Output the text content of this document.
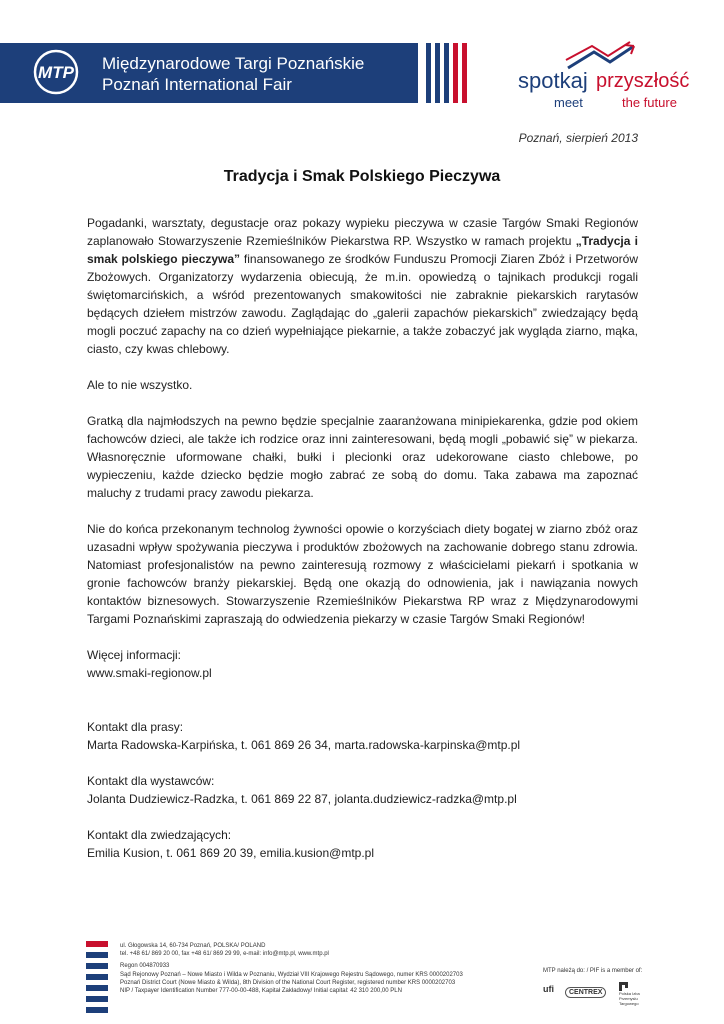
MTP Międzynarodowe Targi Poznańskie
Poznań International Fair	spotkaj przyszłość
meet	the future
Poznań, sierpień 2013
Tradycja i Smak Polskiego Pieczywa

Pogadanki, warsztaty, degustacje oraz pokazy wypieku pieczywa w czasie Targów Smaki Regionów zaplanowało Stowarzyszenie Rzemieślników Piekarstwa RP. Wszystko w ramach projektu „Tradycja i smak polskiego pieczywa” finansowanego ze środków Funduszu Promocji Ziaren Zbóż i Przetworów Zbożowych. Organizatorzy wydarzenia obiecują, że m.in. opowiedzą o tajnikach produkcji rogali świętomarcińskich, a wśród prezentowanych smakowitości nie zabraknie piekarskich rarytasów będących dziełem mistrzów zawodu. Zaglądając do „galerii zapachów piekarskich” zwiedzający będą mogli poczuć zapachy na co dzień wypełniające piekarnie, a także zobaczyć jak wygląda ziarno, mąka, ciasto, czy kwas chlebowy.

Ale to nie wszystko.

Gratką dla najmłodszych na pewno będzie specjalnie zaaranżowana minipiekarenka, gdzie pod okiem fachowców dzieci, ale także ich rodzice oraz inni zainteresowani, będą mogli „pobawić się” w piekarza. Własnoręcznie uformowane chałki, bułki i plecionki oraz udekorowane ciasto chlebowe, po wypieczeniu, każde dziecko będzie mogło zabrać ze sobą do domu. Taka zabawa ma zapoznać maluchy z trudami pracy zawodu piekarza.

Nie do końca przekonanym technolog żywności opowie o korzyściach diety bogatej w ziarno zbóż oraz uzasadni wpływ spożywania pieczywa i produktów zbożowych na zachowanie dobrego stanu zdrowia. Natomiast profesjonalistów na pewno zainteresują rozmowy z właścicielami piekarń i spotkania w gronie fachowców branży piekarskiej. Będą one okazją do odnowienia, jak i nawiązania nowych kontaktów biznesowych. Stowarzyszenie Rzemieślników Piekarstwa RP wraz z Międzynarodowymi Targami Poznańskimi zapraszają do odwiedzenia piekarzy w czasie Targów Smaki Regionów!

Więcej informacji:
www.smaki-regionow.pl

Kontakt dla prasy:
Marta Radowska-Karpińska, t. 061 869 26 34, marta.radowska-karpinska@mtp.pl

Kontakt dla wystawców:
Jolanta Dudziewicz-Radzka, t. 061 869 22 87, jolanta.dudziewicz-radzka@mtp.pl

Kontakt dla zwiedzających:
Emilia Kusion, t. 061 869 20 39, emilia.kusion@mtp.pl

ul. Głogowska 14, 60-734 Poznań, POLSKA/ POLAND
tel. +48 61/ 869 20 00, fax +48 61/ 869 29 99, e-mail: info@mtp.pl, www.mtp.pl
Regon 004870933
Sąd Rejonowy Poznań – Nowe Miasto i Wilda w Poznaniu, Wydział VIII Krajowego Rejestru Sądowego, numer KRS 0000202703
Poznań District Court (Nowe Miasto & Wilda), 8th Division of the National Court Register, registered number KRS 0000202703
NIP / Taxpayer Identification Number 777-00-00-488, Kapitał Zakładowy/ Initial capital: 42 310 200,00 PLN
MTP należą do: / PIF is a member of:
ufi	CENTREX	Polska Izba Przemysłu Targowego
